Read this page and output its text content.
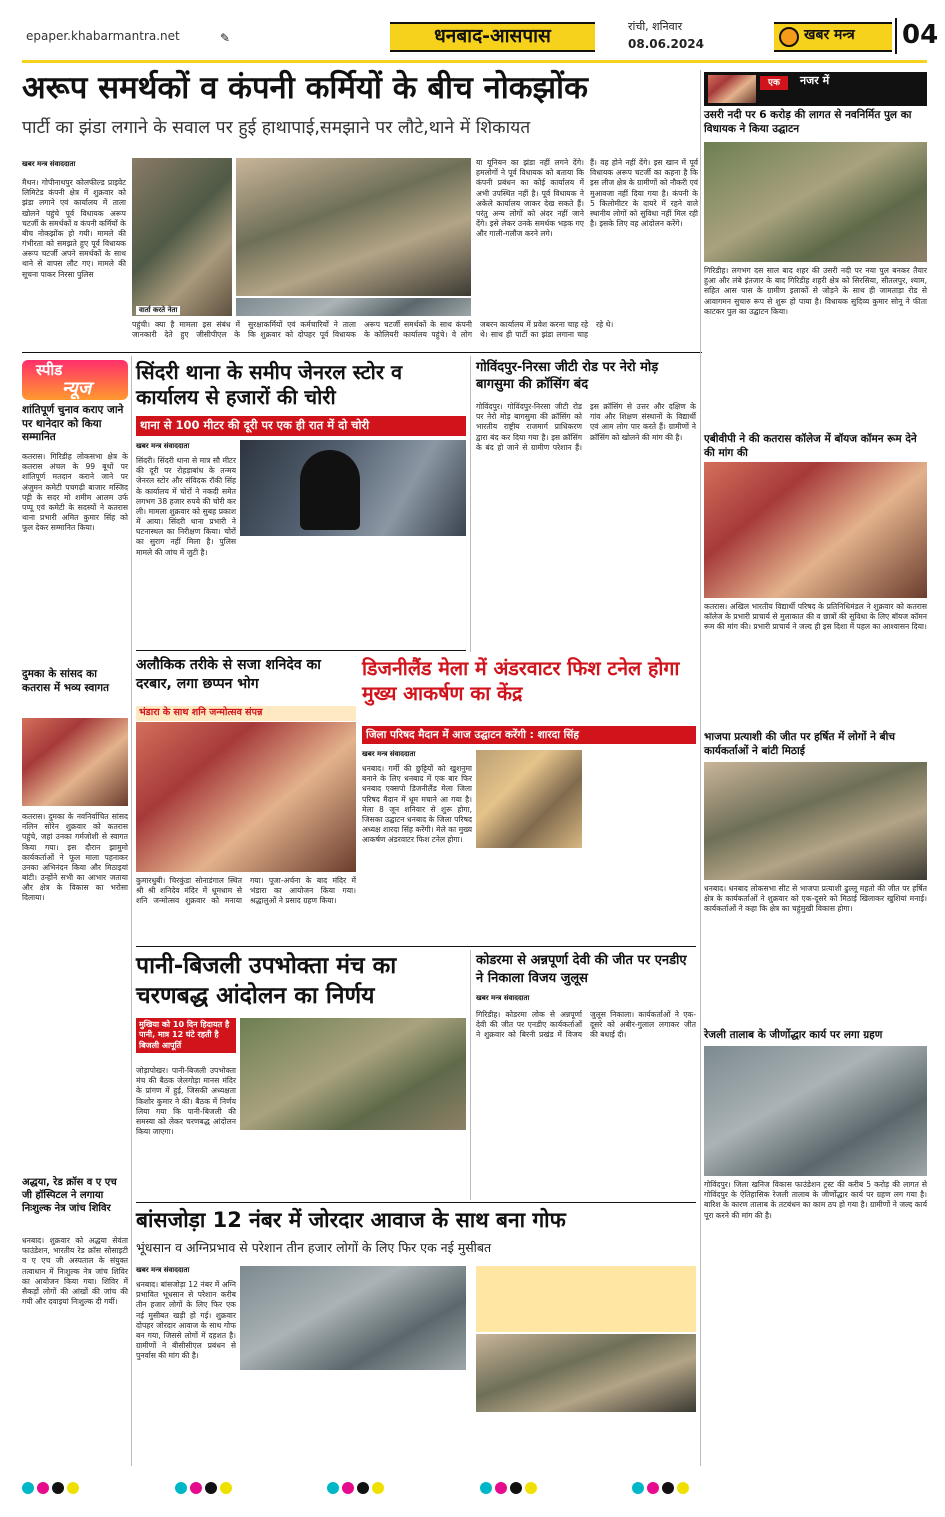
epaper.khabarmantra.net	✎	धनबाद-आसपास	रांची, शनिवार
08.06.2024
खबर मन्त्र 04
अरूप समर्थकों व कंपनी कर्मियों के बीच नोकझोंक
पार्टी का झंडा लगाने के सवाल पर हुई हाथापाई,समझाने पर लौटे,थाने में शिकायत
खबर मन्त्र संवाददाता
मैथन। गोपीनाथपुर कोलफील्ड प्राइवेट लिमिटेड कंपनी क्षेत्र में शुक्रवार को झंडा लगाने एवं कार्यालय में ताला खोलने पहुंचे पूर्व विधायक अरूप चटर्जी के समर्थकों व कंपनी कर्मियों के बीच नोकझोंक हो गयी। मामले की गंभीरता को समझते हुए पूर्व विधायक अरूप चटर्जी अपने समर्थकों के साथ थाने से वापस लौट गए। मामले की सूचना पाकर निरसा पुलिस
वार्ता करते नेता
पहुंची। क्या है मामला इस संबंध में जानकारी देते हुए जीसीपीएल के सुरक्षाकर्मियों एवं कर्मचारियों ने ताला कि शुक्रवार को दोपहर पूर्व विधायक अरूप चटर्जी समर्थकों के साथ कंपनी के कोलियरी कार्यालय पहुंचे। वे लोग जबरन कार्यालय में प्रवेश करना चाह रहे थे। साथ ही पार्टी का झंडा लगाना चाह रहे थे।
या यूनियन का झंडा नहीं लगने देंगे। हमलोगों ने पूर्व विधायक को बताया कि कंपनी प्रबंधन का कोई कार्यालय में अभी उपस्थित नहीं है। पूर्व विधायक ने अकेले कार्यालय जाकर देख सकते हैं। परंतु अन्य लोगों को अंदर नहीं जाने देंगे। इसे लेकर उनके समर्थक भड़क गए और गाली-गलौज करने लगे।
हैं। वह होने नहीं देंगे। इस खान में पूर्व विधायक अरूप चटर्जी का कहना है कि इस लीज क्षेत्र के ग्रामीणों को नौकरी एवं मुआवजा नहीं दिया गया है। कंपनी के 5 किलोमीटर के दायरे में रहने वाले स्थानीय लोगों को सुविधा नहीं मिल रही है। इसके लिए वह आंदोलन करेंगे।
स्पीड
न्यूज
शांतिपूर्ण चुनाव कराए जाने पर थानेदार को किया सम्मानित
कतरास। गिरिडीह लोकसभा क्षेत्र के कतरास अंचल के 99 बूथों पर शांतिपूर्ण मतदान कराने जाने पर अंजुमन कमेटी पचगढ़ी बाजार मस्जिद पट्टी के सदर मो शमीम आलम उर्फ पप्पू एवं कमेटी के सदस्यों ने कतरास थाना प्रभारी अमित कुमार सिंह को फूल देकर सम्मानित किया।
दुमका के सांसद का कतरास में भव्य स्वागत
कतरास। दुमका के नवनिर्वाचित सांसद नलिन सोरेन शुक्रवार को कतरास पहुंचे, जहां उनका गर्मजोशी से स्वागत किया गया। इस दौरान झामुमो कार्यकर्ताओं ने फूल माला पहनाकर उनका अभिनंदन किया और मिठाइयां बांटी। उन्होंने सभी का आभार जताया और क्षेत्र के विकास का भरोसा दिलाया।
अद्धया, रेड क्रॉस व ए एच जी हॉस्पिटल ने लगाया निःशुल्क नेत्र जांच शिविर
धनबाद। शुक्रवार को अद्धया सेवंता फाउंडेशन, भारतीय रेड क्रॉस सोसाइटी व ए एच जी अस्पताल के संयुक्त तत्वाधान में निःशुल्क नेत्र जांच शिविर का आयोजन किया गया। शिविर में सैकड़ों लोगों की आंखों की जांच की गयी और दवाइयां निःशुल्क दी गयीं।
सिंदरी थाना के समीप जेनरल स्टोर व कार्यालय से हजारों की चोरी
थाना से 100 मीटर की दूरी पर एक ही रात में दो चोरी
खबर मन्त्र संवाददाता
सिंदरी। सिंदरी थाना से मात्र सौ मीटर की दूरी पर रोहड़ाबांध के तन्मय जेनरल स्टोर और संविदक रॉकी सिंह के कार्यालय में चोरों ने नकदी समेत लगभग 38 हजार रुपये की चोरी कर ली। मामला शुक्रवार को सुबह प्रकाश में आया। सिंदरी थाना प्रभारी ने घटनास्थल का निरीक्षण किया। चोरों का सुराग नहीं मिला है। पुलिस मामले की जांच में जुटी है।
गोविंदपुर-निरसा जीटी रोड पर नेरो मोड़ बागसुमा की क्रॉसिंग बंद
गोविंदपुर। गोविंदपुर-निरसा जीटी रोड पर नेरो मोड़ बागसुमा की क्रॉसिंग को भारतीय राष्ट्रीय राजमार्ग प्राधिकरण द्वारा बंद कर दिया गया है। इस क्रॉसिंग के बंद हो जाने से ग्रामीण परेशान हैं। इस क्रॉसिंग से उत्तर और दक्षिण के गांव और शिक्षण संस्थानों के विद्यार्थी एवं आम लोग पार करते हैं। ग्रामीणों ने क्रॉसिंग को खोलने की मांग की है।
अलौकिक तरीके से सजा शनिदेव का दरबार, लगा छप्पन भोग
भंडारा के साथ शनि जन्मोत्सव संपन्न
कुमारधुबी। चिरकुंडा सोनाडंगाल स्थित श्री श्री शनिदेव मंदिर में धूमधाम से शनि जन्मोत्सव शुक्रवार को मनाया गया। पूजा-अर्चना के बाद मंदिर में भंडारा का आयोजन किया गया। श्रद्धालुओं ने प्रसाद ग्रहण किया।
डिजनीलैंड मेला में अंडरवाटर फिश टनेल होगा मुख्य आकर्षण का केंद्र
जिला परिषद मैदान में आज उद्घाटन करेंगी : शारदा सिंह
खबर मन्त्र संवाददाता
धनबाद। गर्मी की छुट्टियों को खुशनुमा बनाने के लिए धनबाद में एक बार फिर धनबाद एक्सपो डिजनीलैंड मेला जिला परिषद मैदान में धूम मचाने आ गया है। मेला 8 जून शनिवार से शुरू होगा, जिसका उद्घाटन धनबाद के जिला परिषद अध्यक्ष शारदा सिंह करेंगी। मेले का मुख्य आकर्षण अंडरवाटर फिश टनेल होगा।
पानी-बिजली उपभोक्ता मंच का चरणबद्ध आंदोलन का निर्णय
मुखिया को 10 दिन हिदायत है पानी, मात्र 12 घंटे रहती है बिजली आपूर्ति
जोड़ापोखर। पानी-बिजली उपभोक्ता मंच की बैठक जेलगोड़ा मानस मंदिर के प्रांगण में हुई, जिसकी अध्यक्षता किशोर कुमार ने की। बैठक में निर्णय लिया गया कि पानी-बिजली की समस्या को लेकर चरणबद्ध आंदोलन किया जाएगा।
कोडरमा से अन्नपूर्णा देवी की जीत पर एनडीए ने निकाला विजय जुलूस
खबर मन्त्र संवाददाता
गिरिडीह। कोडरमा लोक से अन्नपूर्णा देवी की जीत पर एनडीए कार्यकर्ताओं ने शुक्रवार को बिरनी प्रखंड में विजय जुलूस निकाला। कार्यकर्ताओं ने एक-दूसरे को अबीर-गुलाल लगाकर जीत की बधाई दी।
बांसजोड़ा 12 नंबर में जोरदार आवाज के साथ बना गोफ
भूंधसान व अग्निप्रभाव से परेशान तीन हजार लोगों के लिए फिर एक नई मुसीबत
खबर मन्त्र संवाददाता
धनबाद। बांसजोड़ा 12 नंबर में अग्नि प्रभावित भूधसान से परेशान करीब तीन हजार लोगों के लिए फिर एक नई मुसीबत खड़ी हो गई। शुक्रवार दोपहर जोरदार आवाज के साथ गोफ बन गया, जिससे लोगों में दहशत है। ग्रामीणों ने बीसीसीएल प्रबंधन से पुनर्वास की मांग की है।
एक	नजर में
उसरी नदी पर 6 करोड़ की लागत से नवनिर्मित पुल का विधायक ने किया उद्घाटन
गिरिडीह। लगभग दस साल बाद शहर की उसरी नदी पर नया पुल बनकर तैयार हुआ और लंबे इंतजार के बाद गिरिडीह शहरी क्षेत्र को सिरसिया, सीतलपुर, श्याम, सहित आस पास के ग्रामीण इलाकों से जोड़ने के साथ ही जामताड़ा रोड से आवागमन सुचारु रूप से शुरू हो पाया है। विधायक सुदिव्य कुमार सोनू ने फीता काटकर पुल का उद्घाटन किया।
एबीवीपी ने की कतरास कॉलेज में बॉयज कॉमन रूम देने की मांग की
कतरास। अखिल भारतीय विद्यार्थी परिषद के प्रतिनिधिमंडल ने शुक्रवार को कतरास कॉलेज के प्रभारी प्राचार्य से मुलाकात की व छात्रों की सुविधा के लिए बॉयज कॉमन रूम की मांग की। प्रभारी प्राचार्य ने जल्द ही इस दिशा में पहल का आश्वासन दिया।
भाजपा प्रत्याशी की जीत पर हर्षित में लोगों ने बीच कार्यकर्ताओं ने बांटी मिठाई
धनबाद। धनबाद लोकसभा सीट से भाजपा प्रत्याशी ढुल्लू महतो की जीत पर हर्षित क्षेत्र के कार्यकर्ताओं ने शुक्रवार को एक-दूसरे को मिठाई खिलाकर खुशियां मनाई। कार्यकर्ताओं ने कहा कि क्षेत्र का चहुंमुखी विकास होगा।
रेजली तालाब के जीर्णोद्धार कार्य पर लगा ग्रहण
गोविंदपुर। जिला खनिज विकास फाउंडेशन ट्रस्ट की करीब 5 करोड़ की लागत से गोविंदपुर के ऐतिहासिक रेजली तालाब के जीर्णोद्धार कार्य पर ग्रहण लग गया है। बारिश के कारण तालाब के तटबंधन का काम ठप हो गया है। ग्रामीणों ने जल्द कार्य पूरा करने की मांग की है।
